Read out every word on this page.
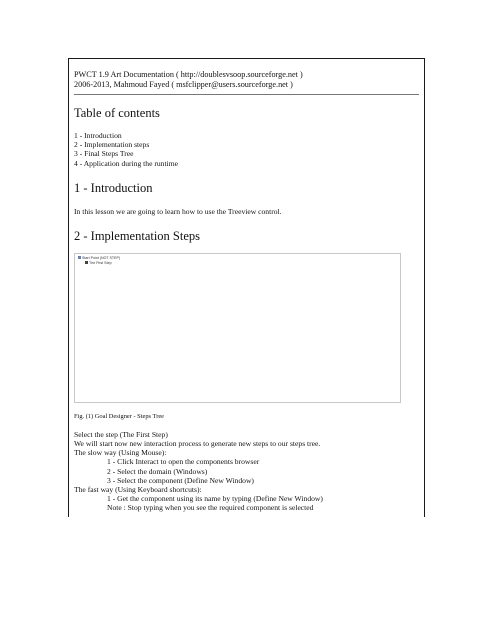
PWCT 1.9 Art Documentation ( http://doublesvsoop.sourceforge.net )
2006-2013, Mahmoud Fayed ( msfclipper@users.sourceforge.net )
Table of contents
1 - Introduction
2 - Implementation steps
3 - Final Steps Tree
4 - Application during the runtime
1 - Introduction
In this lesson we are going to learn how to use the Treeview control.
2 - Implementation Steps
Start Point (NOT STEP)
The First Step
Fig. (1) Goal Designer - Steps Tree
Select the step (The First Step)
We will start now new interaction process to generate new steps to our steps tree.
The slow way (Using Mouse):
1 - Click Interact to open the components browser
2 - Select the domain (Windows)
3 - Select the component (Define New Window)
The fast way (Using Keyboard shortcuts):
1 - Get the component using its name by typing (Define New Window)
Note : Stop typing when you see the required component is selected
